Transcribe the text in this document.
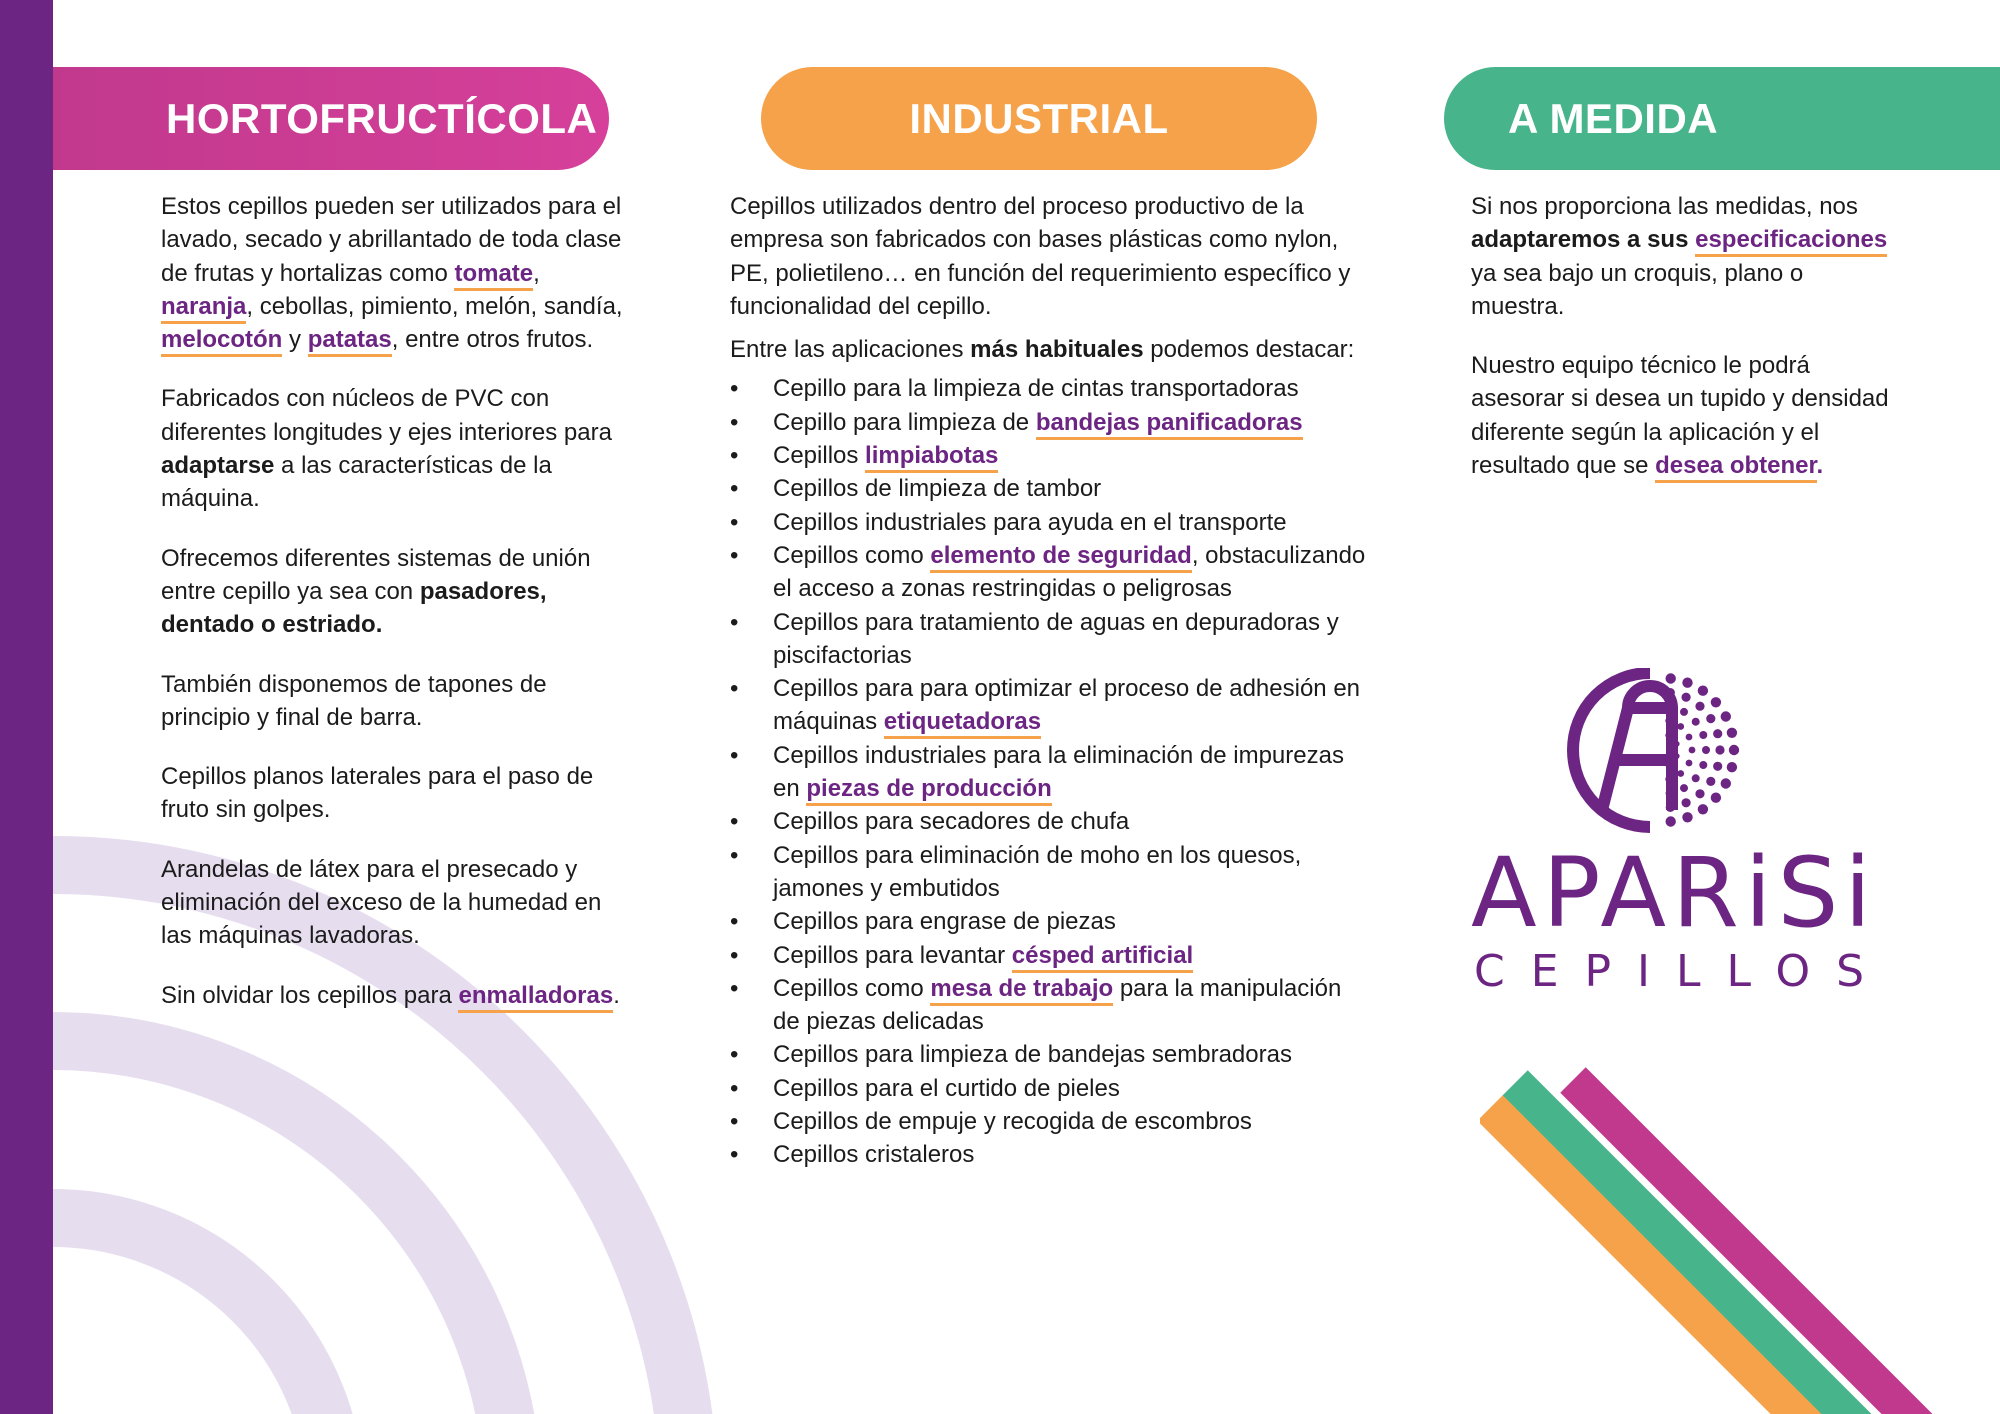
HORTOFRUCTÍCOLA	INDUSTRIAL	A MEDIDA

Estos cepillos pueden ser utilizados para el lavado, secado y abrillantado de toda clase de frutas y hortalizas como tomate, naranja, cebollas, pimiento, melón, sandía, melocotón y patatas, entre otros frutos.

Fabricados con núcleos de PVC con diferentes longitudes y ejes interiores para adaptarse a las características de la máquina.

Ofrecemos diferentes sistemas de unión entre cepillo ya sea con pasadores, dentado o estriado.

También disponemos de tapones de principio y final de barra.

Cepillos planos laterales para el paso de fruto sin golpes.

Arandelas de látex para el presecado y eliminación del exceso de la humedad en las máquinas lavadoras.

Sin olvidar los cepillos para enmalladoras.

Cepillos utilizados dentro del proceso productivo de la empresa son fabricados con bases plásticas como nylon, PE, polietileno… en función del requerimiento específico y funcionalidad del cepillo.

Entre las aplicaciones más habituales podemos destacar:

• Cepillo para la limpieza de cintas transportadoras
• Cepillo para limpieza de bandejas panificadoras
• Cepillos limpiabotas
• Cepillos de limpieza de tambor
• Cepillos industriales para ayuda en el transporte
• Cepillos como elemento de seguridad, obstaculizando el acceso a zonas restringidas o peligrosas
• Cepillos para tratamiento de aguas en depuradoras y piscifactorias
• Cepillos para para optimizar el proceso de adhesión en máquinas etiquetadoras
• Cepillos industriales para la eliminación de impurezas en piezas de producción
• Cepillos para secadores de chufa
• Cepillos para eliminación de moho en los quesos, jamones y embutidos
• Cepillos para engrase de piezas
• Cepillos para levantar césped artificial
• Cepillos como mesa de trabajo para la manipulación de piezas delicadas
• Cepillos para limpieza de bandejas sembradoras
• Cepillos para el curtido de pieles
• Cepillos de empuje y recogida de escombros
• Cepillos cristaleros

Si nos proporciona las medidas, nos adaptaremos a sus especificaciones ya sea bajo un croquis, plano o muestra.

Nuestro equipo técnico le podrá asesorar si desea un tupido y densidad diferente según la aplicación y el resultado que se desea obtener.

APARiSi
CEPILLOS
